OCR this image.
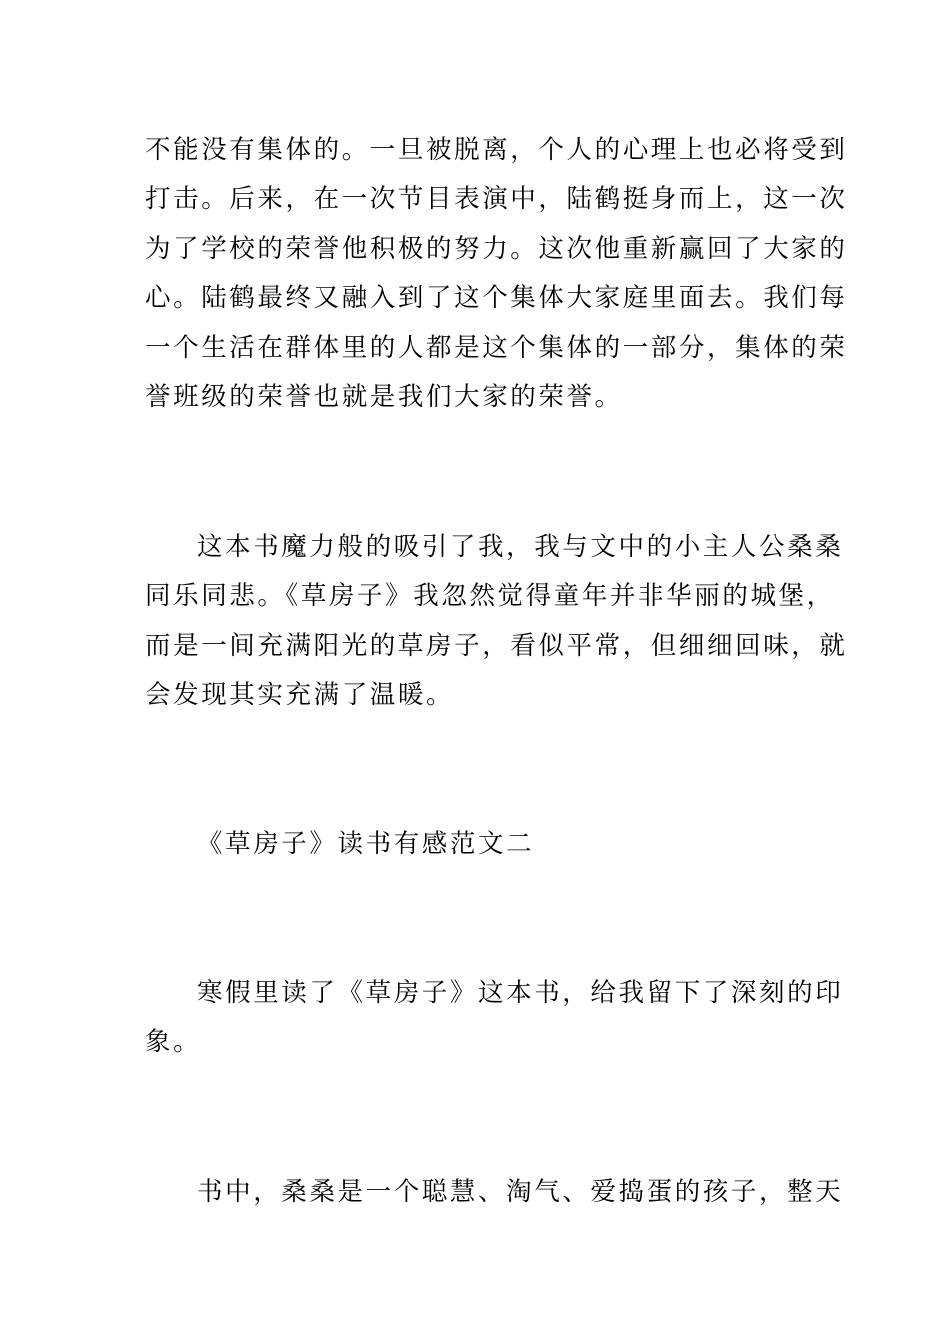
不能没有集体的。一旦被脱离，个人的心理上也必将受到
打击。后来，在一次节目表演中，陆鹤挺身而上，这一次
为了学校的荣誉他积极的努力。这次他重新赢回了大家的
心。陆鹤最终又融入到了这个集体大家庭里面去。我们每
一个生活在群体里的人都是这个集体的一部分，集体的荣
誉班级的荣誉也就是我们大家的荣誉。
这本书魔力般的吸引了我，我与文中的小主人公桑桑
同乐同悲。《草房子》我忽然觉得童年并非华丽的城堡，
而是一间充满阳光的草房子，看似平常，但细细回味，就
会发现其实充满了温暖。
《草房子》读书有感范文二
寒假里读了《草房子》这本书，给我留下了深刻的印
象。
书中，桑桑是一个聪慧、淘气、爱捣蛋的孩子，整天
